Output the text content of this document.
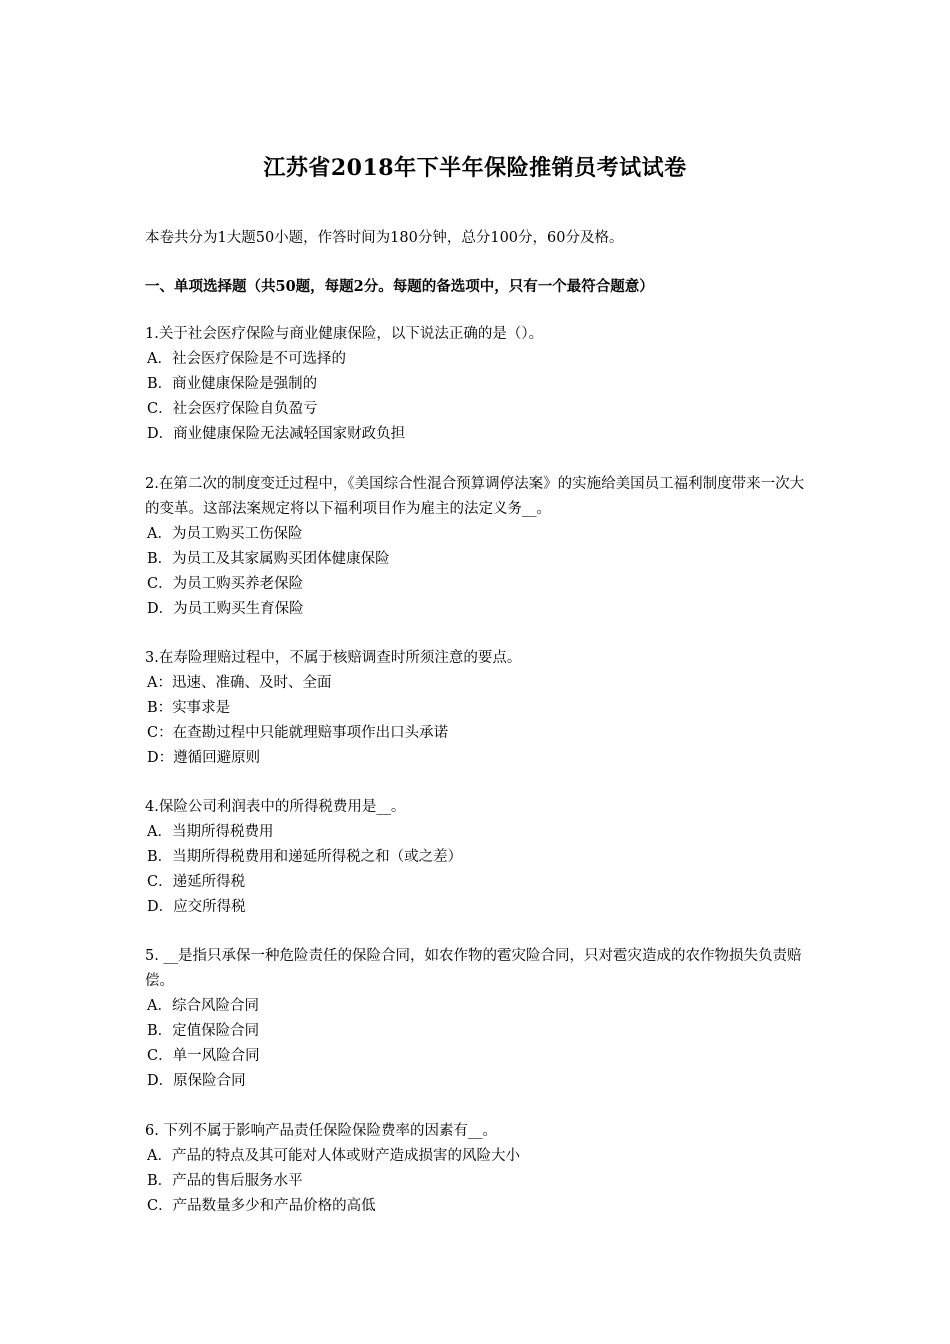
江苏省2018年下半年保险推销员考试试卷
本卷共分为1大题50小题，作答时间为180分钟，总分100分，60分及格。
一、单项选择题（共50题，每题2分。每题的备选项中，只有一个最符合题意）
1.关于社会医疗保险与商业健康保险，以下说法正确的是（）。
A．社会医疗保险是不可选择的
B．商业健康保险是强制的
C．社会医疗保险自负盈亏
D．商业健康保险无法减轻国家财政负担
2.在第二次的制度变迁过程中，《美国综合性混合预算调停法案》的实施给美国员工福利制度带来一次大的变革。这部法案规定将以下福利项目作为雇主的法定义务__。
A．为员工购买工伤保险
B．为员工及其家属购买团体健康保险
C．为员工购买养老保险
D．为员工购买生育保险
3.在寿险理赔过程中，不属于核赔调查时所须注意的要点。
A：迅速、准确、及时、全面
B：实事求是
C：在查勘过程中只能就理赔事项作出口头承诺
D：遵循回避原则
4.保险公司利润表中的所得税费用是__。
A．当期所得税费用
B．当期所得税费用和递延所得税之和（或之差）
C．递延所得税
D．应交所得税
5. __是指只承保一种危险责任的保险合同，如农作物的雹灾险合同，只对雹灾造成的农作物损失负责赔偿。
A．综合风险合同
B．定值保险合同
C．单一风险合同
D．原保险合同
6. 下列不属于影响产品责任保险保险费率的因素有__。
A．产品的特点及其可能对人体或财产造成损害的风险大小
B．产品的售后服务水平
C．产品数量多少和产品价格的高低
